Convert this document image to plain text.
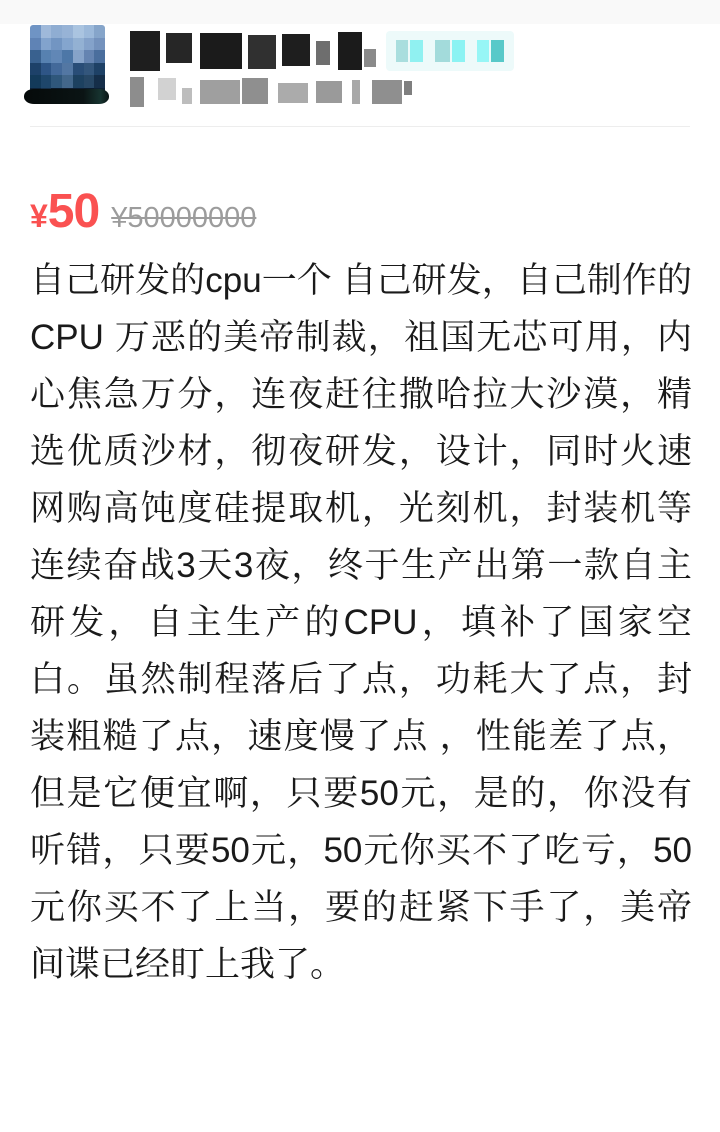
¥ 50 ¥50000000
自己研发的cpu一个 自己研发，自己制作的CPU 万恶的美帝制裁，祖国无芯可用，内心焦急万分，连夜赶往撒哈拉大沙漠，精选优质沙材，彻夜研发，设计，同时火速网购高饨度硅提取机，光刻机，封装机等连续奋战3天3夜，终于生产出第一款自主研发，自主生产的CPU，填补了国家空白。虽然制程落后了点，功耗大了点，封装粗糙了点，速度慢了点 ，性能差了点，但是它便宜啊，只要50元，是的，你没有听错，只要50元，50元你买不了吃亏，50元你买不了上当，要的赶紧下手了，美帝间谍已经盯上我了。
